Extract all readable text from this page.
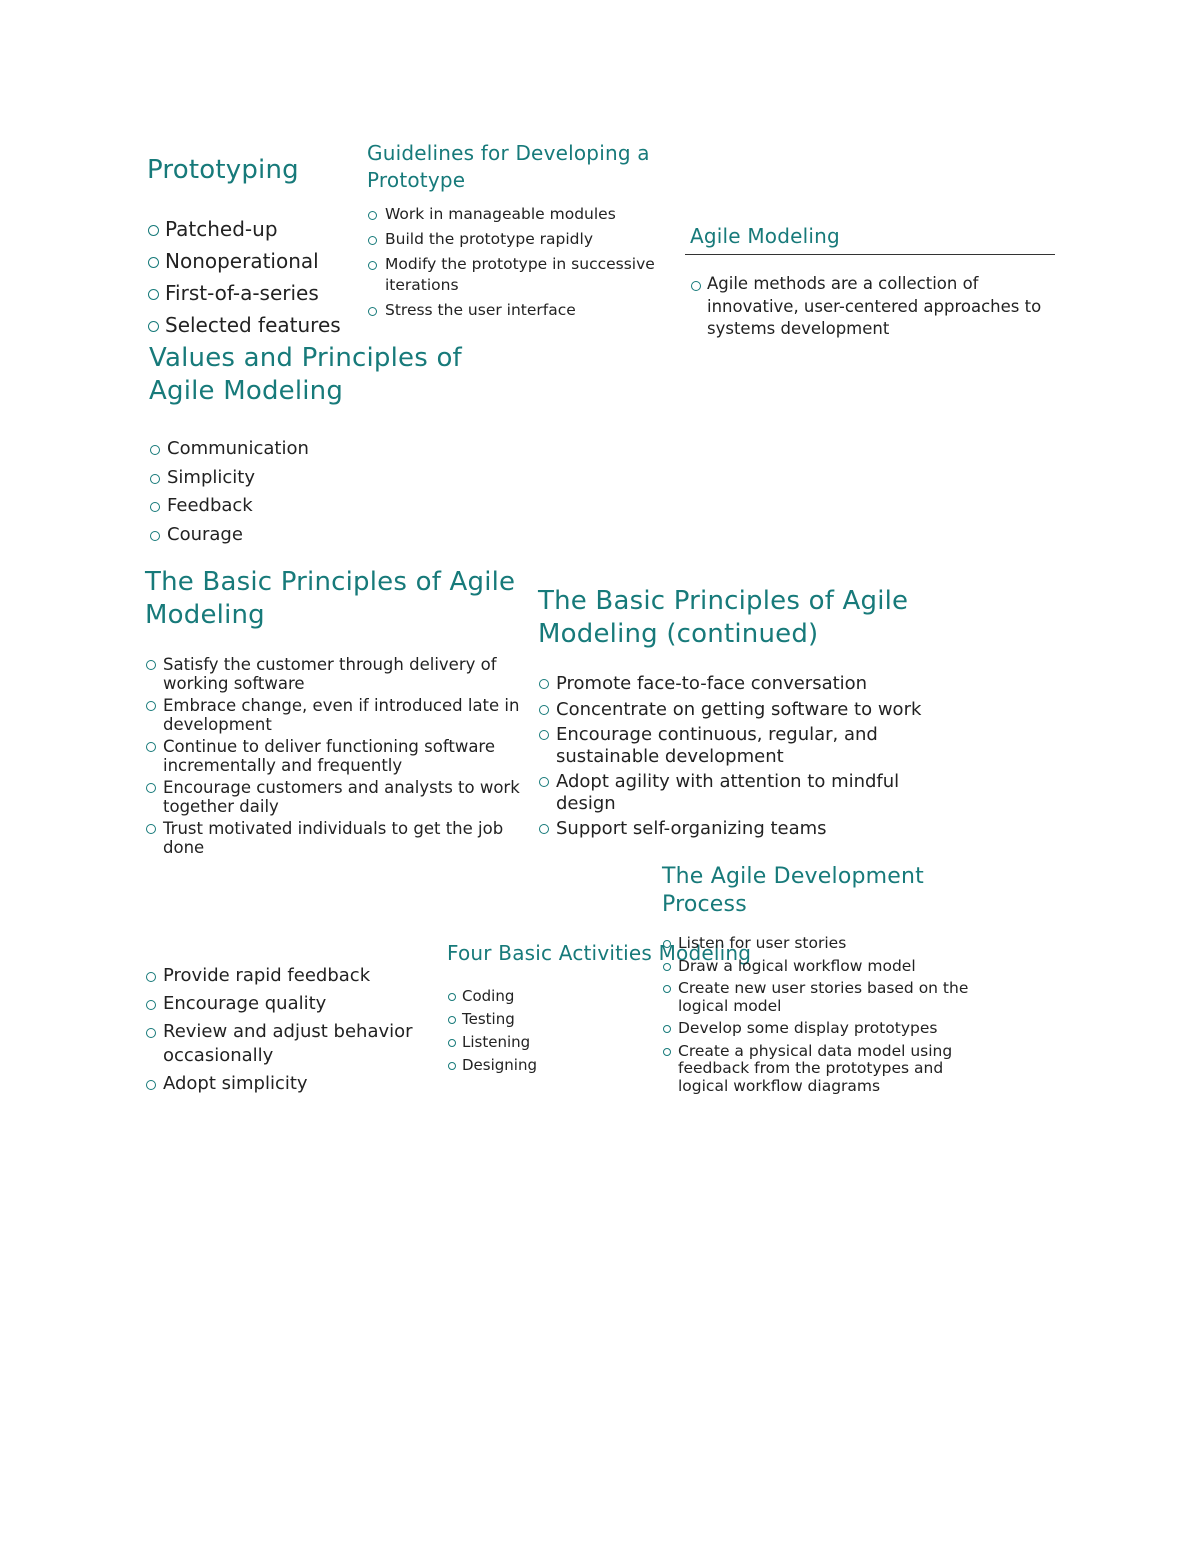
Prototyping
Patched-up
Nonoperational
First-of-a-series
Selected features
Guidelines for Developing a Prototype
Work in manageable modules
Build the prototype rapidly
Modify the prototype in successive iterations
Stress the user interface
Agile Modeling
Agile methods are a collection of innovative, user-centered approaches to systems development
Values and Principles of Agile Modeling
Communication
Simplicity
Feedback
Courage
The Basic Principles of Agile Modeling
Satisfy the customer through delivery of working software
Embrace change, even if introduced late in development
Continue to deliver functioning software incrementally and frequently
Encourage customers and analysts to work together daily
Trust motivated individuals to get the job done
The Basic Principles of Agile Modeling (continued)
Promote face-to-face conversation
Concentrate on getting software to work
Encourage continuous, regular, and sustainable development
Adopt agility with attention to mindful design
Support self-organizing teams
Provide rapid feedback
Encourage quality
Review and adjust behavior occasionally
Adopt simplicity
Four Basic Activities Modeling
Coding
Testing
Listening
Designing
The Agile Development Process
Listen for user stories
Draw a logical workflow model
Create new user stories based on the logical model
Develop some display prototypes
Create a physical data model using feedback from the prototypes and logical workflow diagrams
